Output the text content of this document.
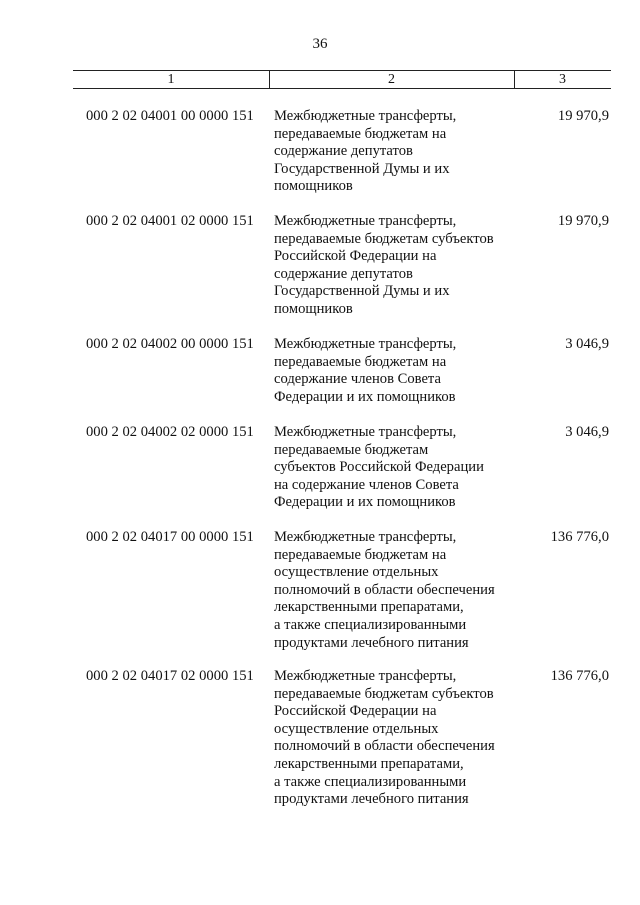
36
1	2	3
000 2 02 04001 00 0000 151 Межбюджетные трансферты,
передаваемые бюджетам на
содержание депутатов
Государственной Думы и их
помощников
19 970,9
000 2 02 04001 02 0000 151 Межбюджетные трансферты,
передаваемые бюджетам субъектов
Российской Федерации на
содержание депутатов
Государственной Думы и их
помощников
19 970,9
000 2 02 04002 00 0000 151 Межбюджетные трансферты,
передаваемые бюджетам на
содержание членов Совета
Федерации и их помощников
3 046,9
000 2 02 04002 02 0000 151 Межбюджетные трансферты,
передаваемые бюджетам
субъектов Российской Федерации
на содержание членов Совета
Федерации и их помощников
3 046,9
000 2 02 04017 00 0000 151 Межбюджетные трансферты,
передаваемые бюджетам на
осуществление отдельных
полномочий в области обеспечения
лекарственными препаратами,
а также специализированными
продуктами лечебного питания
136 776,0
000 2 02 04017 02 0000 151 Межбюджетные трансферты,
передаваемые бюджетам субъектов
Российской Федерации на
осуществление отдельных
полномочий в области обеспечения
лекарственными препаратами,
а также специализированными
продуктами лечебного питания
136 776,0
